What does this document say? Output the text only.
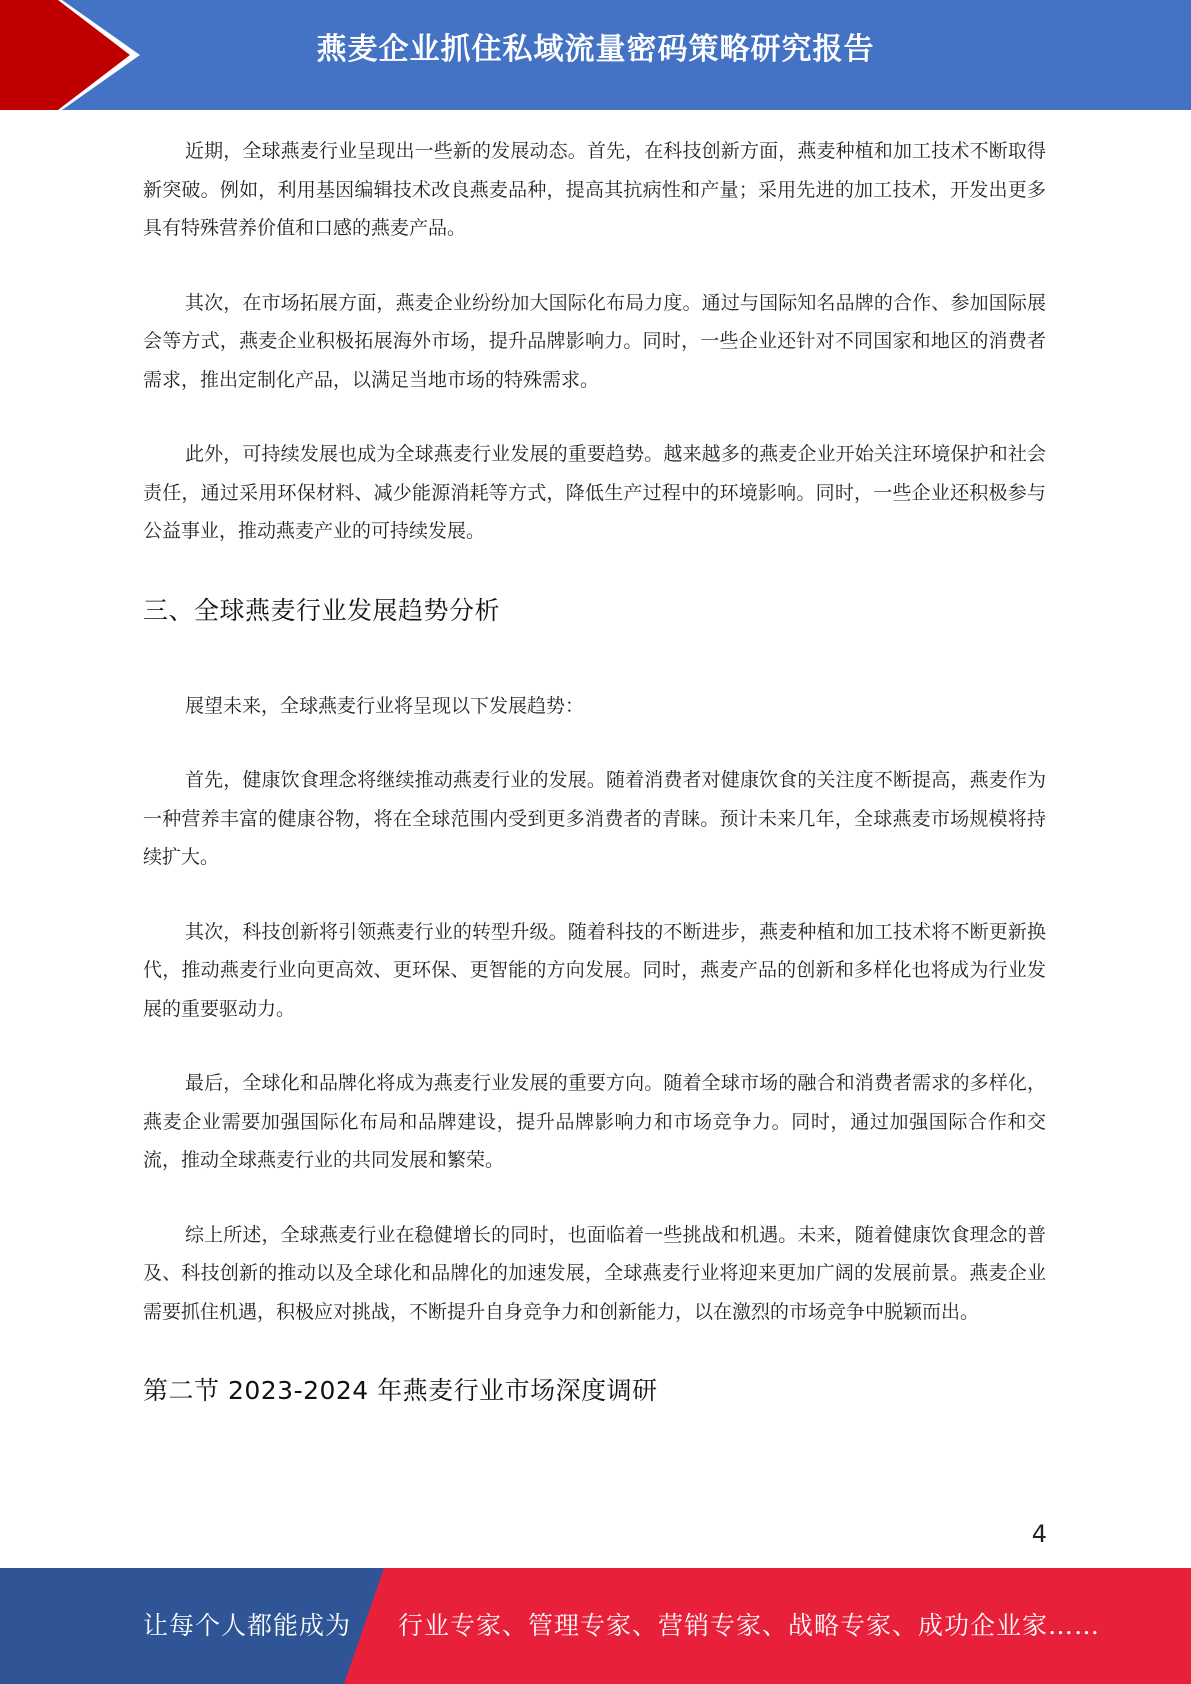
燕麦企业抓住私域流量密码策略研究报告

近期，全球燕麦行业呈现出一些新的发展动态。首先，在科技创新方面，燕麦种植和加工技术不断取得新突破。例如，利用基因编辑技术改良燕麦品种，提高其抗病性和产量；采用先进的加工技术，开发出更多具有特殊营养价值和口感的燕麦产品。

其次，在市场拓展方面，燕麦企业纷纷加大国际化布局力度。通过与国际知名品牌的合作、参加国际展会等方式，燕麦企业积极拓展海外市场，提升品牌影响力。同时，一些企业还针对不同国家和地区的消费者需求，推出定制化产品，以满足当地市场的特殊需求。

此外，可持续发展也成为全球燕麦行业发展的重要趋势。越来越多的燕麦企业开始关注环境保护和社会责任，通过采用环保材料、减少能源消耗等方式，降低生产过程中的环境影响。同时，一些企业还积极参与公益事业，推动燕麦产业的可持续发展。

三、全球燕麦行业发展趋势分析

展望未来，全球燕麦行业将呈现以下发展趋势：

首先，健康饮食理念将继续推动燕麦行业的发展。随着消费者对健康饮食的关注度不断提高，燕麦作为一种营养丰富的健康谷物，将在全球范围内受到更多消费者的青睐。预计未来几年，全球燕麦市场规模将持续扩大。

其次，科技创新将引领燕麦行业的转型升级。随着科技的不断进步，燕麦种植和加工技术将不断更新换代，推动燕麦行业向更高效、更环保、更智能的方向发展。同时，燕麦产品的创新和多样化也将成为行业发展的重要驱动力。

最后，全球化和品牌化将成为燕麦行业发展的重要方向。随着全球市场的融合和消费者需求的多样化，燕麦企业需要加强国际化布局和品牌建设，提升品牌影响力和市场竞争力。同时，通过加强国际合作和交流，推动全球燕麦行业的共同发展和繁荣。

综上所述，全球燕麦行业在稳健增长的同时，也面临着一些挑战和机遇。未来，随着健康饮食理念的普及、科技创新的推动以及全球化和品牌化的加速发展，全球燕麦行业将迎来更加广阔的发展前景。燕麦企业需要抓住机遇，积极应对挑战，不断提升自身竞争力和创新能力，以在激烈的市场竞争中脱颖而出。

第二节 2023-2024 年燕麦行业市场深度调研
4
让每个人都能成为 行业专家、管理专家、营销专家、战略专家、成功企业家……
